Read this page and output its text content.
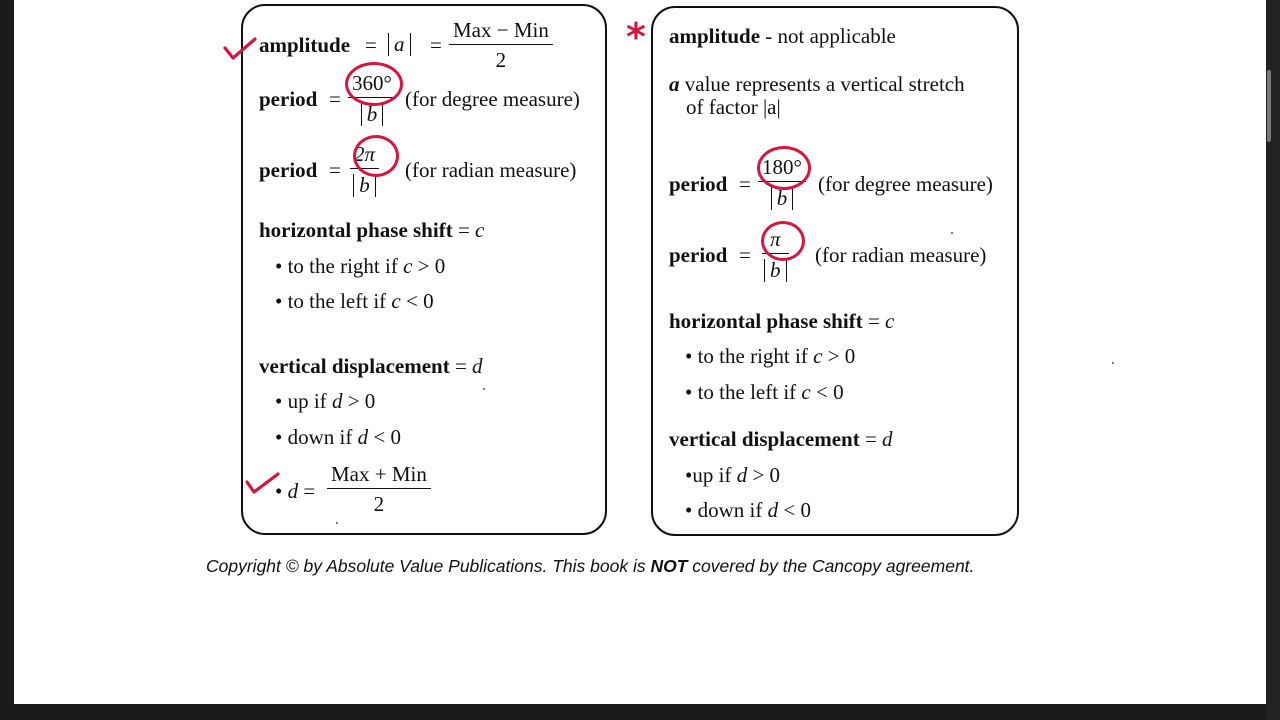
amplitude = a =
Max − Min
2
period = $\frac{360^\circ}{b} (for$ degree measure)
period = $\frac{2\pi}{b} (for$ radian measure)
horizontal phase shift = c
• to the right if c > 0
• to the left if c < 0
vertical displacement = d
• up if d > 0
• down if d < 0
• d =
Max + Min
2
amplitude - not applicable
a value represents a vertical stretch
of factor |a|
period = $\frac{180^\circ}{b} (for$ degree measure)
period = $\frac{\pi}{b} (for$ radian measure)
horizontal phase shift = c
• to the right if c > 0
• to the left if c < 0
vertical displacement = d
•up if d > 0
• down if d < 0
*
Copyright © by Absolute Value Publications. This book is NOT covered by the Cancopy agreement.
